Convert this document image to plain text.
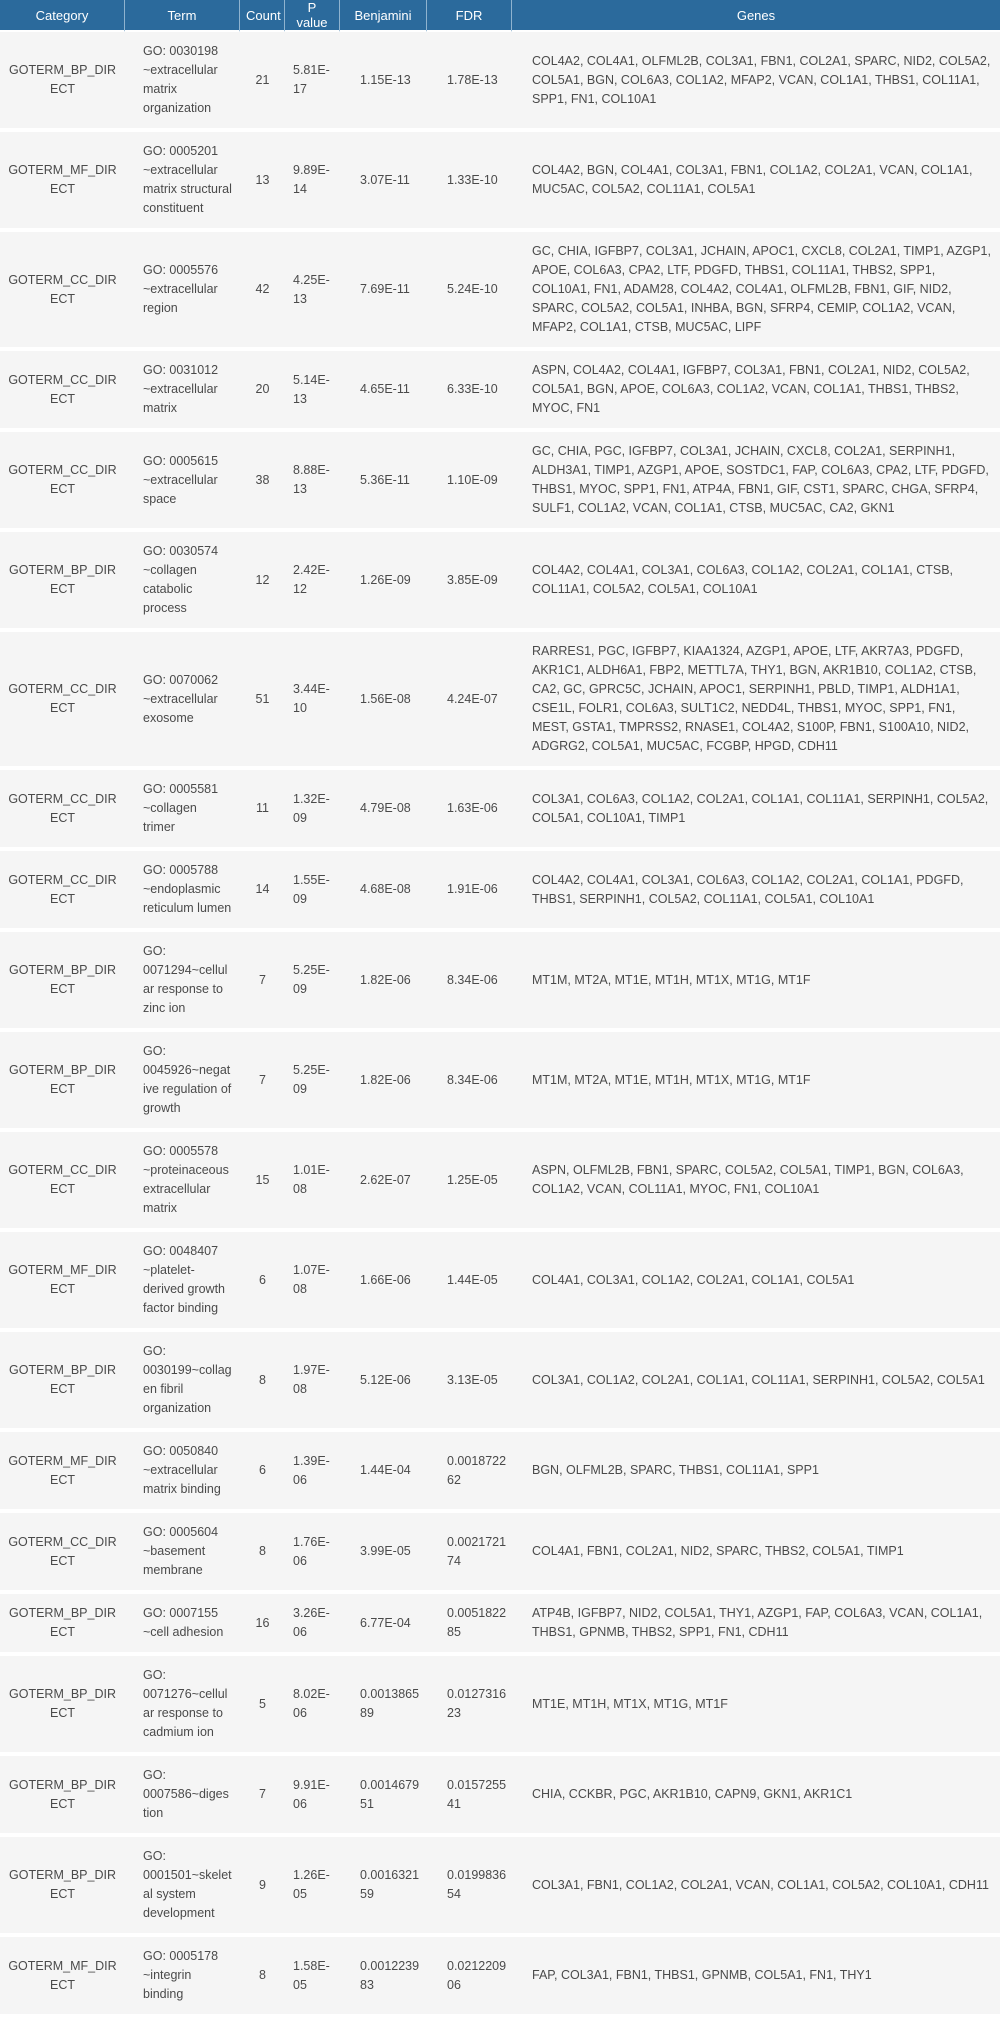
Category	Term	Count	P value	Benjamini	FDR	Genes
GOTERM_BP_DIRECT	GO: 0030198 ~extracellular matrix organization	21	5.81E-17	1.15E-13	1.78E-13	COL4A2, COL4A1, OLFML2B, COL3A1, FBN1, COL2A1, SPARC, NID2, COL5A2, COL5A1, BGN, COL6A3, COL1A2, MFAP2, VCAN, COL1A1, THBS1, COL11A1, SPP1, FN1, COL10A1
GOTERM_MF_DIRECT	GO: 0005201 ~extracellular matrix structural constituent	13	9.89E-14	3.07E-11	1.33E-10	COL4A2, BGN, COL4A1, COL3A1, FBN1, COL1A2, COL2A1, VCAN, COL1A1, MUC5AC, COL5A2, COL11A1, COL5A1
GOTERM_CC_DIRECT	GO: 0005576 ~extracellular region	42	4.25E-13	7.69E-11	5.24E-10	GC, CHIA, IGFBP7, COL3A1, JCHAIN, APOC1, CXCL8, COL2A1, TIMP1, AZGP1, APOE, COL6A3, CPA2, LTF, PDGFD, THBS1, COL11A1, THBS2, SPP1, COL10A1, FN1, ADAM28, COL4A2, COL4A1, OLFML2B, FBN1, GIF, NID2, SPARC, COL5A2, COL5A1, INHBA, BGN, SFRP4, CEMIP, COL1A2, VCAN, MFAP2, COL1A1, CTSB, MUC5AC, LIPF
GOTERM_CC_DIRECT	GO: 0031012 ~extracellular matrix	20	5.14E-13	4.65E-11	6.33E-10	ASPN, COL4A2, COL4A1, IGFBP7, COL3A1, FBN1, COL2A1, NID2, COL5A2, COL5A1, BGN, APOE, COL6A3, COL1A2, VCAN, COL1A1, THBS1, THBS2, MYOC, FN1
GOTERM_CC_DIRECT	GO: 0005615 ~extracellular space	38	8.88E-13	5.36E-11	1.10E-09	GC, CHIA, PGC, IGFBP7, COL3A1, JCHAIN, CXCL8, COL2A1, SERPINH1, ALDH3A1, TIMP1, AZGP1, APOE, SOSTDC1, FAP, COL6A3, CPA2, LTF, PDGFD, THBS1, MYOC, SPP1, FN1, ATP4A, FBN1, GIF, CST1, SPARC, CHGA, SFRP4, SULF1, COL1A2, VCAN, COL1A1, CTSB, MUC5AC, CA2, GKN1
GOTERM_BP_DIRECT	GO: 0030574 ~collagen catabolic process	12	2.42E-12	1.26E-09	3.85E-09	COL4A2, COL4A1, COL3A1, COL6A3, COL1A2, COL2A1, COL1A1, CTSB, COL11A1, COL5A2, COL5A1, COL10A1
GOTERM_CC_DIRECT	GO: 0070062 ~extracellular exosome	51	3.44E-10	1.56E-08	4.24E-07	RARRES1, PGC, IGFBP7, KIAA1324, AZGP1, APOE, LTF, AKR7A3, PDGFD, AKR1C1, ALDH6A1, FBP2, METTL7A, THY1, BGN, AKR1B10, COL1A2, CTSB, CA2, GC, GPRC5C, JCHAIN, APOC1, SERPINH1, PBLD, TIMP1, ALDH1A1, CSE1L, FOLR1, COL6A3, SULT1C2, NEDD4L, THBS1, MYOC, SPP1, FN1, MEST, GSTA1, TMPRSS2, RNASE1, COL4A2, S100P, FBN1, S100A10, NID2, ADGRG2, COL5A1, MUC5AC, FCGBP, HPGD, CDH11
GOTERM_CC_DIRECT	GO: 0005581 ~collagen trimer	11	1.32E-09	4.79E-08	1.63E-06	COL3A1, COL6A3, COL1A2, COL2A1, COL1A1, COL11A1, SERPINH1, COL5A2, COL5A1, COL10A1, TIMP1
GOTERM_CC_DIRECT	GO: 0005788 ~endoplasmic reticulum lumen	14	1.55E-09	4.68E-08	1.91E-06	COL4A2, COL4A1, COL3A1, COL6A3, COL1A2, COL2A1, COL1A1, PDGFD, THBS1, SERPINH1, COL5A2, COL11A1, COL5A1, COL10A1
GOTERM_BP_DIRECT	GO: 0071294~cellular response to zinc ion	7	5.25E-09	1.82E-06	8.34E-06	MT1M, MT2A, MT1E, MT1H, MT1X, MT1G, MT1F
GOTERM_BP_DIRECT	GO: 0045926~negative regulation of growth	7	5.25E-09	1.82E-06	8.34E-06	MT1M, MT2A, MT1E, MT1H, MT1X, MT1G, MT1F
GOTERM_CC_DIRECT	GO: 0005578 ~proteinaceous extracellular matrix	15	1.01E-08	2.62E-07	1.25E-05	ASPN, OLFML2B, FBN1, SPARC, COL5A2, COL5A1, TIMP1, BGN, COL6A3, COL1A2, VCAN, COL11A1, MYOC, FN1, COL10A1
GOTERM_MF_DIRECT	GO: 0048407 ~platelet-derived growth factor binding	6	1.07E-08	1.66E-06	1.44E-05	COL4A1, COL3A1, COL1A2, COL2A1, COL1A1, COL5A1
GOTERM_BP_DIRECT	GO: 0030199~collagen fibril organization	8	1.97E-08	5.12E-06	3.13E-05	COL3A1, COL1A2, COL2A1, COL1A1, COL11A1, SERPINH1, COL5A2, COL5A1
GOTERM_MF_DIRECT	GO: 0050840 ~extracellular matrix binding	6	1.39E-06	1.44E-04	0.001872262	BGN, OLFML2B, SPARC, THBS1, COL11A1, SPP1
GOTERM_CC_DIRECT	GO: 0005604 ~basement membrane	8	1.76E-06	3.99E-05	0.002172174	COL4A1, FBN1, COL2A1, NID2, SPARC, THBS2, COL5A1, TIMP1
GOTERM_BP_DIRECT	GO: 0007155 ~cell adhesion	16	3.26E-06	6.77E-04	0.005182285	ATP4B, IGFBP7, NID2, COL5A1, THY1, AZGP1, FAP, COL6A3, VCAN, COL1A1, THBS1, GPNMB, THBS2, SPP1, FN1, CDH11
GOTERM_BP_DIRECT	GO: 0071276~cellular response to cadmium ion	5	8.02E-06	0.001386589	0.012731623	MT1E, MT1H, MT1X, MT1G, MT1F
GOTERM_BP_DIRECT	GO: 0007586~digestion	7	9.91E-06	0.001467951	0.015725541	CHIA, CCKBR, PGC, AKR1B10, CAPN9, GKN1, AKR1C1
GOTERM_BP_DIRECT	GO: 0001501~skeletal system development	9	1.26E-05	0.001632159	0.019983654	COL3A1, FBN1, COL1A2, COL2A1, VCAN, COL1A1, COL5A2, COL10A1, CDH11
GOTERM_MF_DIRECT	GO: 0005178 ~integrin binding	8	1.58E-05	0.001223983	0.021220906	FAP, COL3A1, FBN1, THBS1, GPNMB, COL5A1, FN1, THY1
